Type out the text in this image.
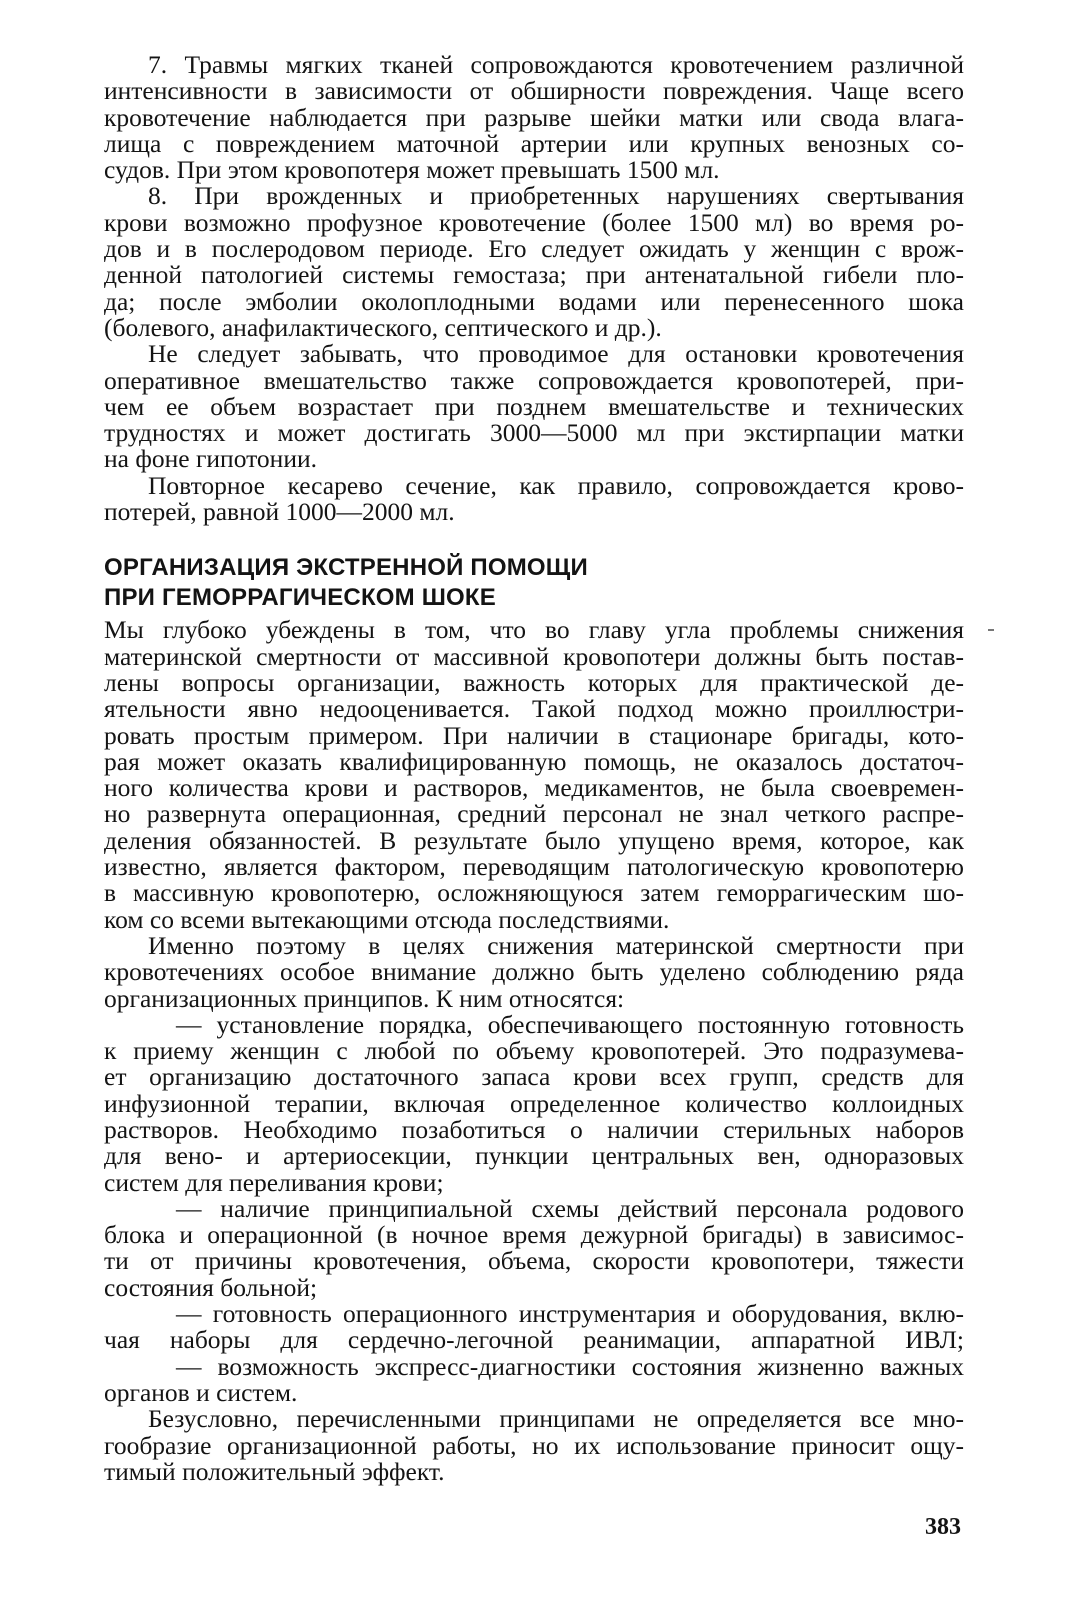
7. Травмы мягких тканей сопровождаются кровотечением различной
интенсивности в зависимости от обширности повреждения. Чаще всего
кровотечение наблюдается при разрыве шейки матки или свода влага-
лища с повреждением маточной артерии или крупных венозных со-
судов. При этом кровопотеря может превышать 1500 мл.
8. При врожденных и приобретенных нарушениях свертывания
крови возможно профузное кровотечение (более 1500 мл) во время ро-
дов и в послеродовом периоде. Его следует ожидать у женщин с врож-
денной патологией системы гемостаза; при антенатальной гибели пло-
да; после эмболии околоплодными водами или перенесенного шока
(болевого, анафилактического, септического и др.).
Не следует забывать, что проводимое для остановки кровотечения
оперативное вмешательство также сопровождается кровопотерей, при-
чем ее объем возрастает при позднем вмешательстве и технических
трудностях и может достигать 3000—5000 мл при экстирпации матки
на фоне гипотонии.
Повторное кесарево сечение, как правило, сопровождается крово-
потерей, равной 1000—2000 мл.
ОРГАНИЗАЦИЯ ЭКСТРЕННОЙ ПОМОЩИ
ПРИ ГЕМОРРАГИЧЕСКОМ ШОКЕ
Мы глубоко убеждены в том, что во главу угла проблемы снижения
материнской смертности от массивной кровопотери должны быть постав-
лены вопросы организации, важность которых для практической де-
ятельности явно недооценивается. Такой подход можно проиллюстри-
ровать простым примером. При наличии в стационаре бригады, кото-
рая может оказать квалифицированную помощь, не оказалось достаточ-
ного количества крови и растворов, медикаментов, не была своевремен-
но развернута операционная, средний персонал не знал четкого распре-
деления обязанностей. В результате было упущено время, которое, как
известно, является фактором, переводящим патологическую кровопотерю
в массивную кровопотерю, осложняющуюся затем геморрагическим шо-
ком со всеми вытекающими отсюда последствиями.
Именно поэтому в целях снижения материнской смертности при
кровотечениях особое внимание должно быть уделено соблюдению ряда
организационных принципов. К ним относятся:
— установление порядка, обеспечивающего постоянную готовность
к приему женщин с любой по объему кровопотерей. Это подразумева-
ет организацию достаточного запаса крови всех групп, средств для
инфузионной терапии, включая определенное количество коллоидных
растворов. Необходимо позаботиться о наличии стерильных наборов
для вено- и артериосекции, пункции центральных вен, одноразовых
систем для переливания крови;
— наличие принципиальной схемы действий персонала родового
блока и операционной (в ночное время дежурной бригады) в зависимос-
ти от причины кровотечения, объема, скорости кровопотери, тяжести
состояния больной;
— готовность операционного инструментария и оборудования, вклю-
чая наборы для сердечно-легочной реанимации, аппаратной ИВЛ;
— возможность экспресс-диагностики состояния жизненно важных
органов и систем.
Безусловно, перечисленными принципами не определяется все мно-
гообразие организационной работы, но их использование приносит ощу-
тимый положительный эффект.
383
